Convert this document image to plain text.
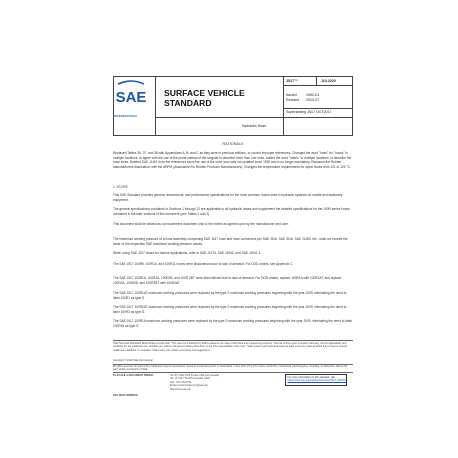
SAE
INTERNATIONAL
SURFACE VEHICLE
STANDARD
J517™	JUL2020
Issued	1952-01
Revised 2020-07
Superseding J517 OCT2017
Hydraulic Hose
RATIONALE
Replaced Tables 36, 37, and 38 with Appendices A, B, and C as they were in previous editions, to correct improper references. Changed the word "hose" for "hoses" in multiple locations, to agree with the use of the plural instead of the singular to describe more than one hose. Added the word "metric" in multiple locations, to describe the hose sizes. Deleted SAE J1401 from the references since the use of the color yarn was not updated since 1990 and is no longer mandatory. Replaced the Rubber Manufacturers Association with the ARPM (Association for Rubber Products Manufacturers). Changed the temperature requirements for spiral hoses from 121 to 125 °C.
1. SCOPE
This SAE Standard provides general, dimensional, and performance specifications for the most common hoses used in hydraulic systems on mobile and stationary equipment.
The general specifications contained in Sections 1 through 12 are applicable to all hydraulic hoses and supplement the detailed specifications for the 100R-series hoses contained in the later sections of this document (see Tables 1 and 2).
This document shall be utilized as a procurement document only to the extent as agreed upon by the manufacturer and user.
The maximum working pressure of a hose assembly comprising SAE J517 hose and hose connectors per SAE J516, SAE J518, SAE J1453, etc., shall not exceed the lower of the respective SAE maximum working pressure values.
When using SAE J517 hoses for marine applications, refer to SAE J1475, SAE J1942, and SAE J1942-1.
The SAE J517 100R9, 100R10, and 100R11 hoses were discontinued due to lack of demand. For DOD orders, see Appendix C.
The SAE J517 100R1A, 100R2A, 100R2B, and 100R 2BT were discontinued due to lack of demand. For DOD orders, replace 100R1A with 100R1AT, and replace 100R2A, 100R2B, and 100R2BT with 100R2AT.
The SAE J517 100R1AT maximum working pressures were replaced by the type S maximum working pressures beginning with the year 2009, eliminating the need to label 100R1 as type S.
The SAE J517 100R2AT maximum working pressures were replaced by the type S maximum working pressures beginning with the year 2009, eliminating the need to label 100R2 as type S.
The SAE J517 100R16 maximum working pressures were replaced by the type S maximum working pressures beginning with the year 2009, eliminating the need to label 100R16 as type S.
SAE Technical Standards Board Rules provide that: "This report is published by SAE to advance the state of technical and engineering sciences. The use of this report is entirely voluntary, and its applicability and suitability for any particular use, including any patent infringement arising therefrom, is the sole responsibility of the user." SAE reviews each technical report at least every five years at which time it may be revised, reaffirmed, stabilized, or cancelled. SAE invites your written comments and suggestions.
Copyright © 2020 SAE International
All rights reserved. No part of this publication may be reproduced, stored in a retrieval system or transmitted, in any form or by any means, electronic, mechanical, photocopying, recording, or otherwise, without the prior written permission of SAE.
TO PLACE A DOCUMENT ORDER:	Tel: 877-606-7323 (inside USA and Canada)
Tel: +1 724-776-4970 (outside USA)
Fax: 724-776-0790
Email: CustomerService@sae.org
http://www.sae.org
SAE WEB ADDRESS:
For more information on this standard, visit
https://www.sae.org/standards/content/J517_202007/
